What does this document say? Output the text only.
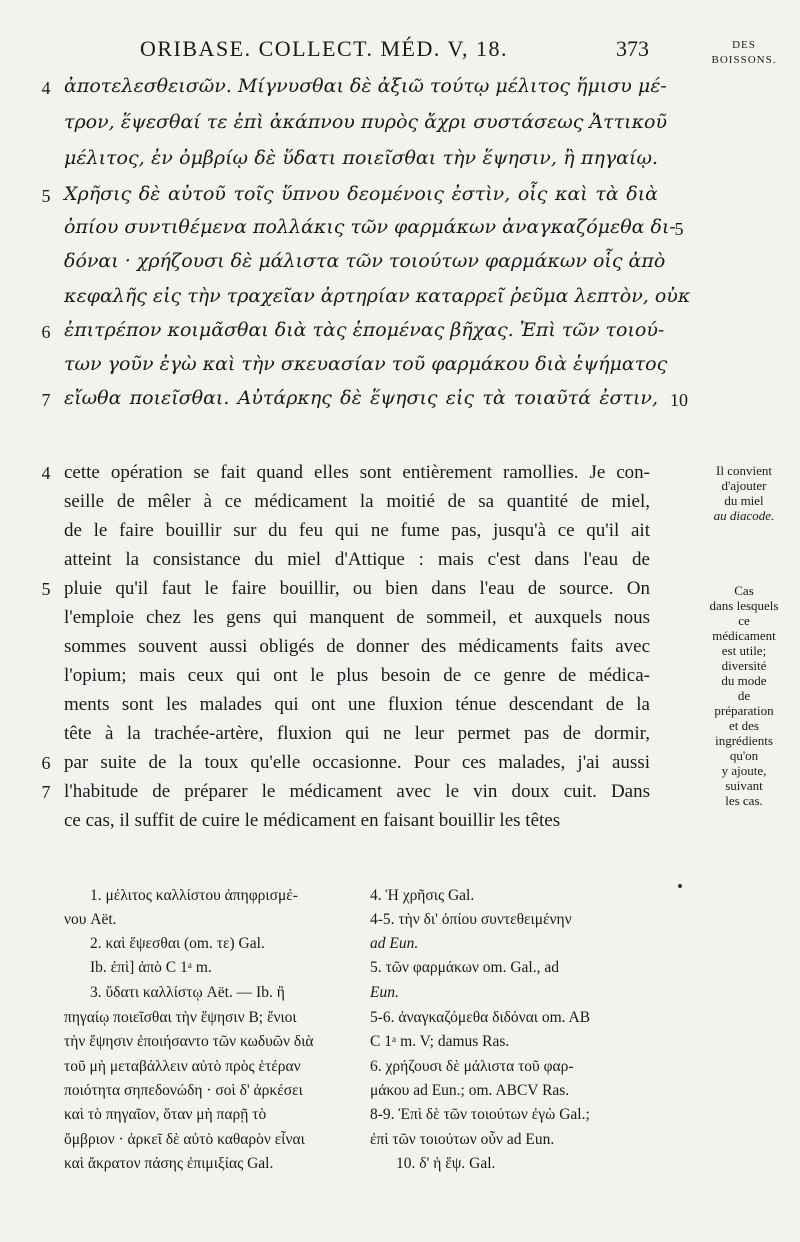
ORIBASE. COLLECT. MÉD. V, 18.	373	DES
BOISSONS.
ἀποτελεσθεισῶν. Μίγνυσθαι δὲ ἀξιῶ τούτῳ μέλιτος ἥμισυ μέ-
τρον, ἕψεσθαί τε ἐπὶ ἀκάπνου πυρὸς ἄχρι συστάσεως Ἀττικοῦ
μέλιτος, ἐν ὀμβρίῳ δὲ ὕδατι ποιεῖσθαι τὴν ἕψησιν, ἢ πηγαίῳ.
Χρῆσις δὲ αὐτοῦ τοῖς ὕπνου δεομένοις ἐστὶν, οἷς καὶ τὰ διὰ
ὀπίου συντιθέμενα πολλάκις τῶν φαρμάκων ἀναγκαζόμεθα δι-
δόναι · χρήζουσι δὲ μάλιστα τῶν τοιούτων φαρμάκων οἷς ἀπὸ
κεφαλῆς εἰς τὴν τραχεῖαν ἀρτηρίαν καταρρεῖ ῥεῦμα λεπτὸν, οὐκ
ἐπιτρέπον κοιμᾶσθαι διὰ τὰς ἑπομένας βῆχας. Ἐπὶ τῶν τοιού-
των γοῦν ἐγὼ καὶ τὴν σκευασίαν τοῦ φαρμάκου διὰ ἑψήματος
εἴωθα ποιεῖσθαι. Αὐτάρκης δὲ ἕψησις εἰς τὰ τοιαῦτά ἐστιν,
4
5
6
7
5
10
cette opération se fait quand elles sont entièrement ramollies. Je con-
seille de mêler à ce médicament la moitié de sa quantité de miel,
de le faire bouillir sur du feu qui ne fume pas, jusqu'à ce qu'il ait
atteint la consistance du miel d'Attique : mais c'est dans l'eau de
pluie qu'il faut le faire bouillir, ou bien dans l'eau de source. On
l'emploie chez les gens qui manquent de sommeil, et auxquels nous
sommes souvent aussi obligés de donner des médicaments faits avec
l'opium; mais ceux qui ont le plus besoin de ce genre de médica-
ments sont les malades qui ont une fluxion ténue descendant de la
tête à la trachée-artère, fluxion qui ne leur permet pas de dormir,
par suite de la toux qu'elle occasionne. Pour ces malades, j'ai aussi
l'habitude de préparer le médicament avec le vin doux cuit. Dans
ce cas, il suffit de cuire le médicament en faisant bouillir les têtes
4
5
6
7
Il convient
d'ajouter
du miel
au diacode.
Cas
dans lesquels
ce
médicament
est utile;
diversité
du mode
de
préparation
et des
ingrédients
qu'on
y ajoute,
suivant
les cas.
1. μέλιτος καλλίστου ἀπηφρισμέ-
νου Aët.
2. καὶ ἕψεσθαι (om. τε) Gal.
Ib. ἐπὶ] ἀπὸ C 1ᵃ m.
3. ὕδατι καλλίστῳ Aët. — Ib. ἢ
πηγαίῳ ποιεῖσθαι τὴν ἕψησιν B; ἔνιοι
τὴν ἕψησιν ἐποιήσαντο τῶν κωδυῶν διὰ
τοῦ μὴ μεταβάλλειν αὐτὸ πρὸς ἑτέραν
ποιότητα σηπεδονώδη · σοὶ δ' ἀρκέσει
καὶ τὸ πηγαῖον, ὅταν μὴ παρῇ τὸ
ὄμβριον · ἀρκεῖ δὲ αὐτὸ καθαρὸν εἶναι
καὶ ἄκρατον πάσης ἐπιμιξίας Gal.
4. Ἡ χρῆσις Gal.
4-5. τὴν δι' ὀπίου συντεθειμένην
ad Eun.
5. τῶν φαρμάκων om. Gal., ad
Eun.
5-6. ἀναγκαζόμεθα διδόναι om. AB
C 1ᵃ m. V; damus Ras.
6. χρήζουσι δὲ μάλιστα τοῦ φαρ-
μάκου ad Eun.; om. ABCV Ras.
8-9. Ἐπὶ δὲ τῶν τοιούτων ἐγὼ Gal.;
ἐπὶ τῶν τοιούτων οὖν ad Eun.
10. δ' ἡ ἕψ. Gal.
